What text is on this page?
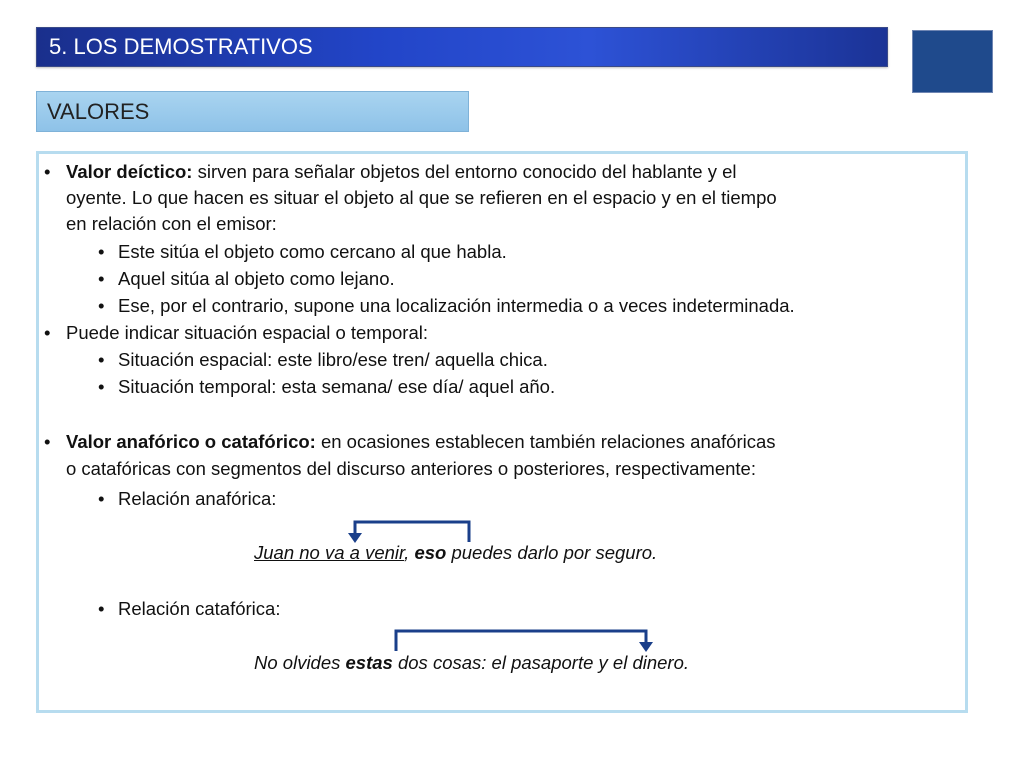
5. LOS DEMOSTRATIVOS
VALORES
• Valor deíctico: sirven para señalar objetos del entorno conocido del hablante y el
oyente. Lo que hacen es situar el objeto al que se refieren en el espacio y en el tiempo
en relación con el emisor:
• Este sitúa el objeto como cercano al que habla.
• Aquel sitúa al objeto como lejano.
• Ese, por el contrario, supone una localización intermedia o a veces indeterminada.
• Puede indicar situación espacial o temporal:
• Situación espacial: este libro/ese tren/ aquella chica.
• Situación temporal: esta semana/ ese día/ aquel año.
• Valor anafórico o catafórico: en ocasiones establecen también relaciones anafóricas
o catafóricas con segmentos del discurso anteriores o posteriores, respectivamente:
• Relación anafórica:
Juan no va a venir, eso puedes darlo por seguro.
• Relación catafórica:
No olvides estas dos cosas: el pasaporte y el dinero.
